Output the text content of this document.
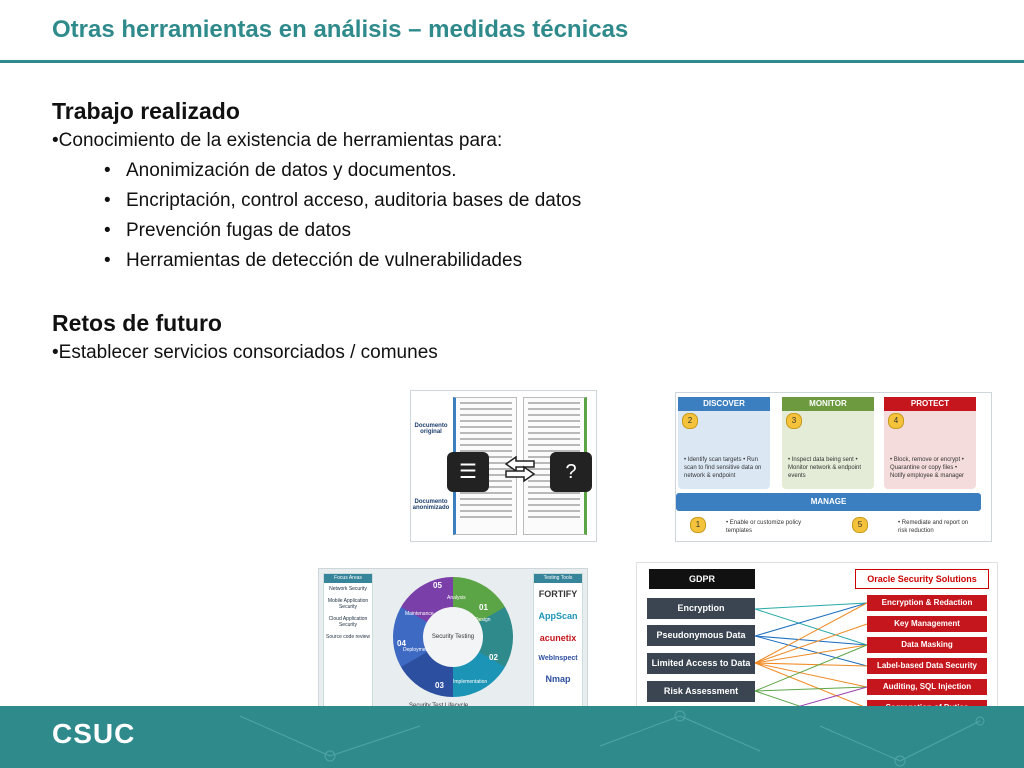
Otras herramientas en análisis – medidas técnicas
Trabajo realizado
•Conocimiento de la existencia de herramientas para:
• Anonimización de datos y documentos.
• Encriptación, control acceso, auditoria bases de datos
• Prevención fugas de datos
• Herramientas de detección de vulnerabilidades
Retos de futuro
•Establecer servicios consorciados / comunes
Documento original
Documento anonimizado
☰	?
DISCOVER
• Identify scan targets • Run scan to find sensitive data on network & endpoint
MONITOR
• Inspect data being sent • Monitor network & endpoint events
PROTECT
• Block, remove or encrypt • Quarantine or copy files • Notify employee & manager
2	3	4
MANAGE
1	• Enable or customize policy templates
5	• Remediate and report on risk reduction
Focus Areas
Network Security
Mobile Application Security
Cloud Application Security
Source code review	Security Testing
01
Design
02
Implementation
03
Deployment
04
Maintenance
05
Analysis
Testing Tools
FORTIFY
AppScan
acunetix
WebInspect
Nmap
GDPR	Oracle Security Solutions
Encryption
Pseudonymous Data
Limited Access to Data
Risk Assessment
Encryption & Redaction
Key Management
Data Masking
Label-based Data Security
Auditing, SQL Injection
CSUC
